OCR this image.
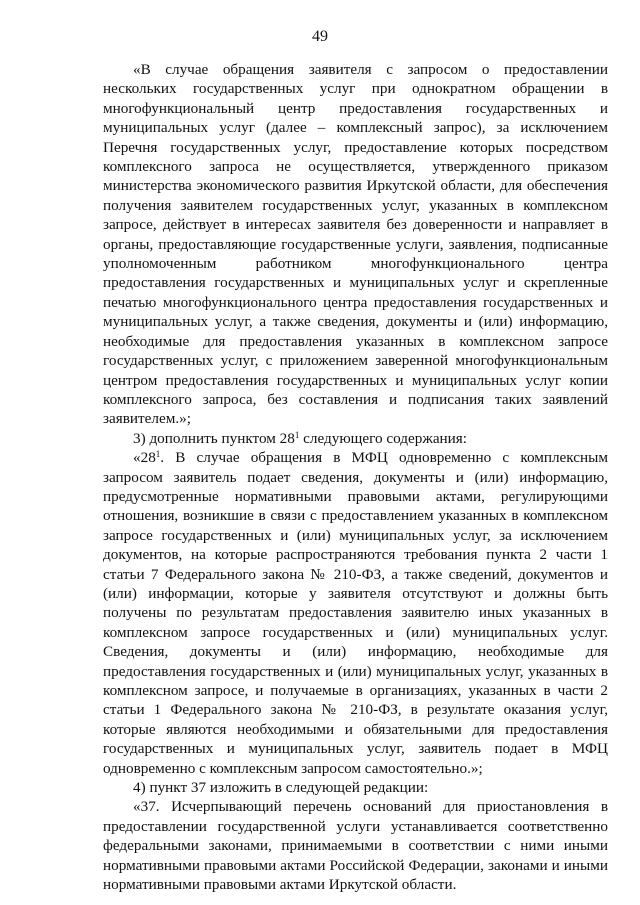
49

«В случае обращения заявителя с запросом о предоставлении нескольких государственных услуг при однократном обращении в многофункциональный центр предоставления государственных и муниципальных услуг (далее – комплексный запрос), за исключением Перечня государственных услуг, предоставление которых посредством комплексного запроса не осуществляется, утвержденного приказом министерства экономического развития Иркутской области, для обеспечения получения заявителем государственных услуг, указанных в комплексном запросе, действует в интересах заявителя без доверенности и направляет в органы, предоставляющие государственные услуги, заявления, подписанные уполномоченным работником многофункционального центра предоставления государственных и муниципальных услуг и скрепленные печатью многофункционального центра предоставления государственных и муниципальных услуг, а также сведения, документы и (или) информацию, необходимые для предоставления указанных в комплексном запросе государственных услуг, с приложением заверенной многофункциональным центром предоставления государственных и муниципальных услуг копии комплексного запроса, без составления и подписания таких заявлений заявителем.»;

3) дополнить пунктом $28^1$ следующего содержания:

«$28^1$. В случае обращения в МФЦ одновременно с комплексным запросом заявитель подает сведения, документы и (или) информацию, предусмотренные нормативными правовыми актами, регулирующими отношения, возникшие в связи с предоставлением указанных в комплексном запросе государственных и (или) муниципальных услуг, за исключением документов, на которые распространяются требования пункта 2 части 1 статьи 7 Федерального закона № 210-ФЗ, а также сведений, документов и (или) информации, которые у заявителя отсутствуют и должны быть получены по результатам предоставления заявителю иных указанных в комплексном запросе государственных и (или) муниципальных услуг. Сведения, документы и (или) информацию, необходимые для предоставления государственных и (или) муниципальных услуг, указанных в комплексном запросе, и получаемые в организациях, указанных в части 2 статьи 1 Федерального закона № 210-ФЗ, в результате оказания услуг, которые являются необходимыми и обязательными для предоставления государственных и муниципальных услуг, заявитель подает в МФЦ одновременно с комплексным запросом самостоятельно.»;

4) пункт 37 изложить в следующей редакции:

«37. Исчерпывающий перечень оснований для приостановления в предоставлении государственной услуги устанавливается соответственно федеральными законами, принимаемыми в соответствии с ними иными нормативными правовыми актами Российской Федерации, законами и иными нормативными правовыми актами Иркутской области.
